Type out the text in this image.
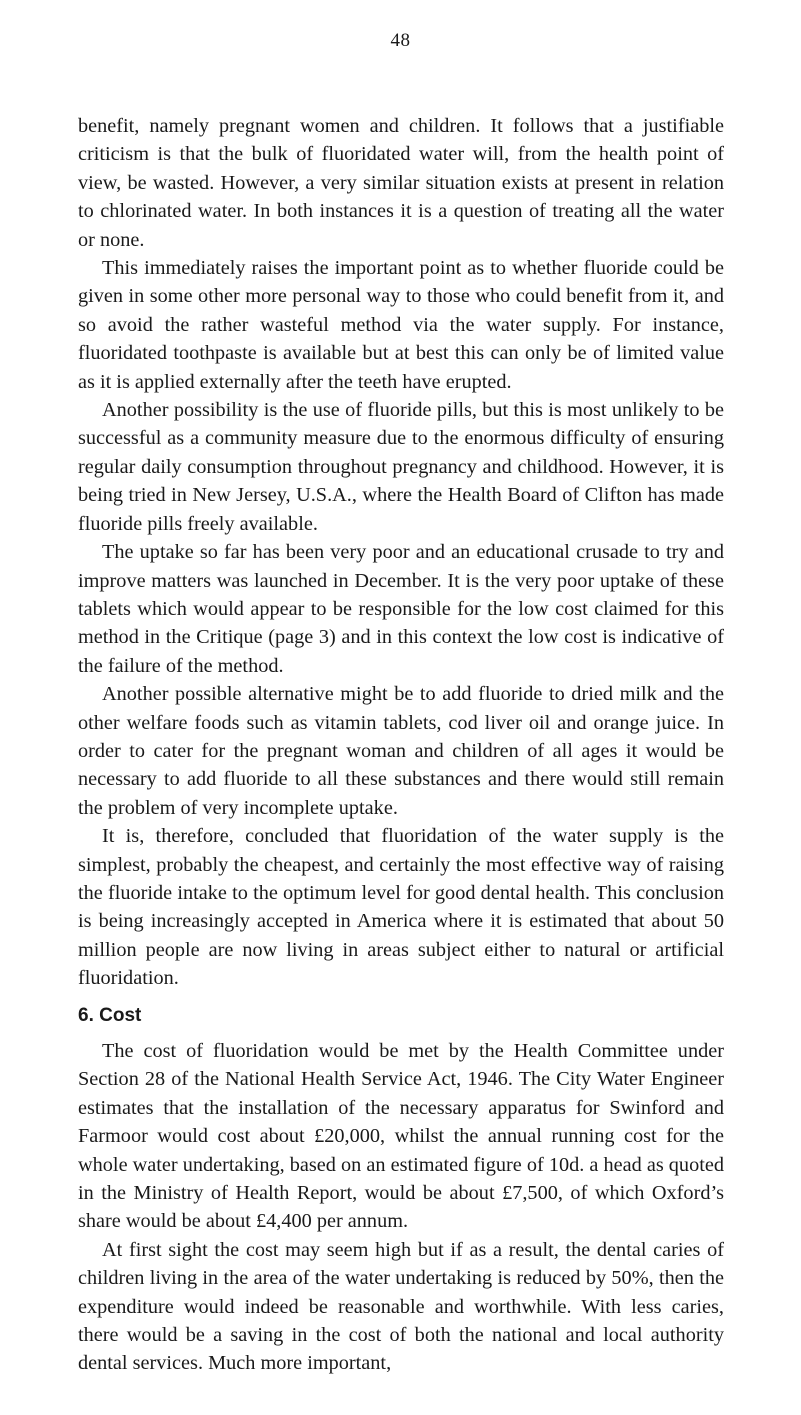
48

benefit, namely pregnant women and children. It follows that a justifiable criticism is that the bulk of fluoridated water will, from the health point of view, be wasted. However, a very similar situation exists at present in relation to chlorinated water. In both instances it is a question of treating all the water or none.

This immediately raises the important point as to whether fluoride could be given in some other more personal way to those who could benefit from it, and so avoid the rather wasteful method via the water supply. For instance, fluoridated toothpaste is available but at best this can only be of limited value as it is applied externally after the teeth have erupted.

Another possibility is the use of fluoride pills, but this is most unlikely to be successful as a community measure due to the enormous difficulty of ensuring regular daily consumption throughout pregnancy and childhood. However, it is being tried in New Jersey, U.S.A., where the Health Board of Clifton has made fluoride pills freely available.

The uptake so far has been very poor and an educational crusade to try and improve matters was launched in December. It is the very poor uptake of these tablets which would appear to be responsible for the low cost claimed for this method in the Critique (page 3) and in this context the low cost is indicative of the failure of the method.

Another possible alternative might be to add fluoride to dried milk and the other welfare foods such as vitamin tablets, cod liver oil and orange juice. In order to cater for the pregnant woman and children of all ages it would be necessary to add fluoride to all these substances and there would still remain the problem of very incomplete uptake.

It is, therefore, concluded that fluoridation of the water supply is the simplest, probably the cheapest, and certainly the most effective way of raising the fluoride intake to the optimum level for good dental health. This conclusion is being increasingly accepted in America where it is estimated that about 50 million people are now living in areas subject either to natural or artificial fluoridation.

6. Cost

The cost of fluoridation would be met by the Health Committee under Section 28 of the National Health Service Act, 1946. The City Water Engineer estimates that the installation of the necessary apparatus for Swinford and Farmoor would cost about £20,000, whilst the annual running cost for the whole water undertaking, based on an estimated figure of 10d. a head as quoted in the Ministry of Health Report, would be about £7,500, of which Oxford’s share would be about £4,400 per annum.

At first sight the cost may seem high but if as a result, the dental caries of children living in the area of the water undertaking is reduced by 50%, then the expenditure would indeed be reasonable and worthwhile. With less caries, there would be a saving in the cost of both the national and local authority dental services. Much more important,
